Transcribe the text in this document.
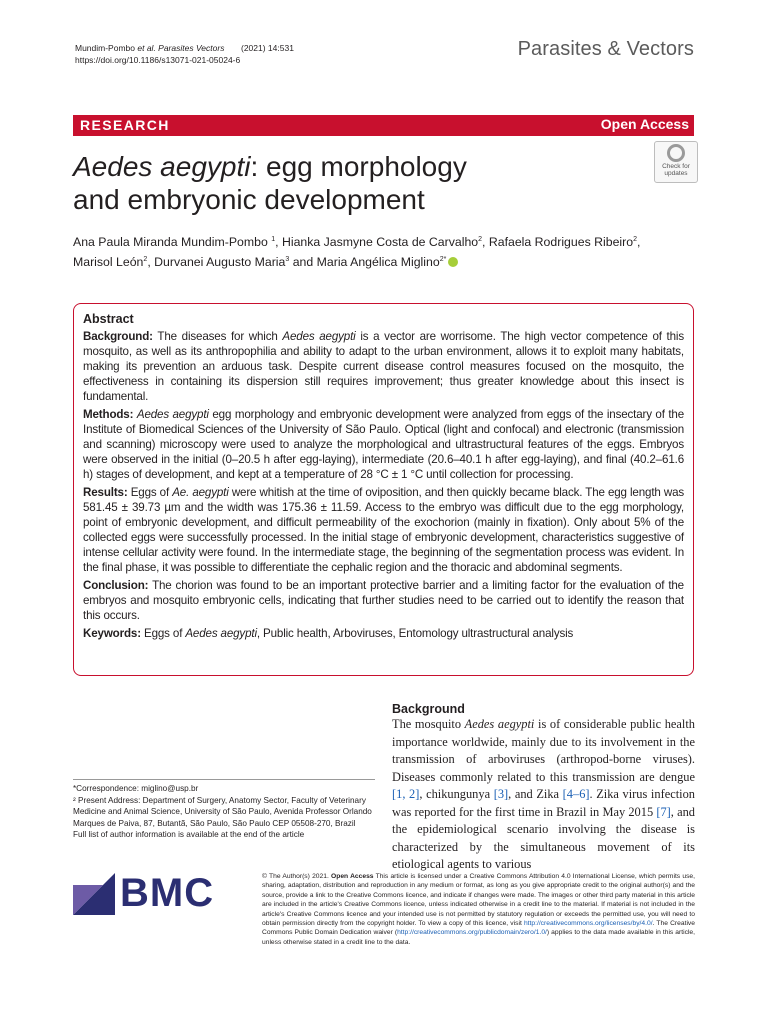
Mundim-Pombo et al. Parasites Vectors (2021) 14:531
https://doi.org/10.1186/s13071-021-05024-6	Parasites & Vectors
RESEARCH	Open Access
Aedes aegypti: egg morphology
and embryonic development
Check for
updates
Ana Paula Miranda Mundim-Pombo $^1$, Hianka Jasmyne Costa de Carvalho$^2$, Rafaela Rodrigues Ribeiro$^2$,
Marisol León$^2$, Durvanei Augusto Maria$^3$ and Maria Angélica Miglino$^{2*}$
Abstract

Background: The diseases for which Aedes aegypti is a vector are worrisome. The high vector competence of this mosquito, as well as its anthropophilia and ability to adapt to the urban environment, allows it to exploit many habitats, making its prevention an arduous task. Despite current disease control measures focused on the mosquito, the effectiveness in containing its dispersion still requires improvement; thus greater knowledge about this insect is fundamental.

Methods: Aedes aegypti egg morphology and embryonic development were analyzed from eggs of the insectary of the Institute of Biomedical Sciences of the University of São Paulo. Optical (light and confocal) and electronic (transmission and scanning) microscopy were used to analyze the morphological and ultrastructural features of the eggs. Embryos were observed in the initial (0–20.5 h after egg-laying), intermediate (20.6–40.1 h after egg-laying), and final (40.2–61.6 h) stages of development, and kept at a temperature of 28 °C ± 1 °C until collection for processing.

Results: Eggs of Ae. aegypti were whitish at the time of oviposition, and then quickly became black. The egg length was 581.45 ± 39.73 µm and the width was 175.36 ± 11.59. Access to the embryo was difficult due to the egg morphology, point of embryonic development, and difficult permeability of the exochorion (mainly in fixation). Only about 5% of the collected eggs were successfully processed. In the initial stage of embryonic development, characteristics suggestive of intense cellular activity were found. In the intermediate stage, the beginning of the segmentation process was evident. In the final phase, it was possible to differentiate the cephalic region and the thoracic and abdominal segments.

Conclusion: The chorion was found to be an important protective barrier and a limiting factor for the evaluation of the embryos and mosquito embryonic cells, indicating that further studies need to be carried out to identify the reason that this occurs.

Keywords: Eggs of Aedes aegypti, Public health, Arboviruses, Entomology ultrastructural analysis

Background
The mosquito Aedes aegypti is of considerable public health importance worldwide, mainly due to its involvement in the transmission of arboviruses (arthropod-borne viruses). Diseases commonly related to this transmission are dengue [1, 2], chikungunya [3], and Zika [4–6]. Zika virus infection was reported for the first time in Brazil in May 2015 [7], and the epidemiological scenario involving the disease is characterized by the simultaneous movement of its etiological agents to various

*Correspondence: miglino@usp.br

² Present Address: Department of Surgery, Anatomy Sector, Faculty of Veterinary Medicine and Animal Science, University of São Paulo, Avenida Professor Orlando Marques de Paiva, 87, Butantã, São Paulo, São Paulo CEP 05508-270, Brazil

Full list of author information is available at the end of the article

BMC	© The Author(s) 2021. Open Access This article is licensed under a Creative Commons Attribution 4.0 International License, which permits use, sharing, adaptation, distribution and reproduction in any medium or format, as long as you give appropriate credit to the original author(s) and the source, provide a link to the Creative Commons licence, and indicate if changes were made. The images or other third party material in this article are included in the article's Creative Commons licence, unless indicated otherwise in a credit line to the material. If material is not included in the article's Creative Commons licence and your intended use is not permitted by statutory regulation or exceeds the permitted use, you will need to obtain permission directly from the copyright holder. To view a copy of this licence, visit http://creativecommons.org/licenses/by/4.0/. The Creative Commons Public Domain Dedication waiver (http://creativecommons.org/publicdomain/zero/1.0/) applies to the data made available in this article, unless otherwise stated in a credit line to the data.
